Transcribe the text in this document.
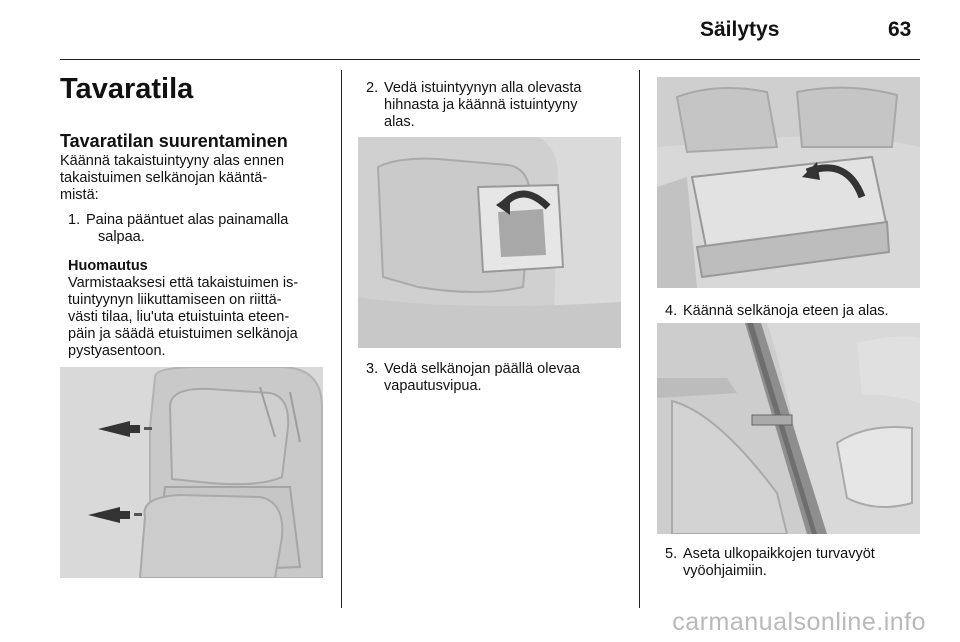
Säilytys	63
Tavaratila
Tavaratilan suurentaminen
Käännä takaistuintyyny alas ennen
takaistuimen selkänojan kääntä-
mistä:
1. Paina pääntuet alas painamalla
salpaa.
Huomautus
Varmistaaksesi että takaistuimen is-
tuintyynyn liikuttamiseen on riittä-
västi tilaa, liu'uta etuistuinta eteen-
päin ja säädä etuistuimen selkänoja
pystyasentoon.
2. Vedä istuintyynyn alla olevasta
hihnasta ja käännä istuintyyny
alas.
3. Vedä selkänojan päällä olevaa
vapautusvipua.
4. Käännä selkänoja eteen ja alas.
5. Aseta ulkopaikkojen turvavyöt
vyöohjaimiin.
carmanualsonline.info
